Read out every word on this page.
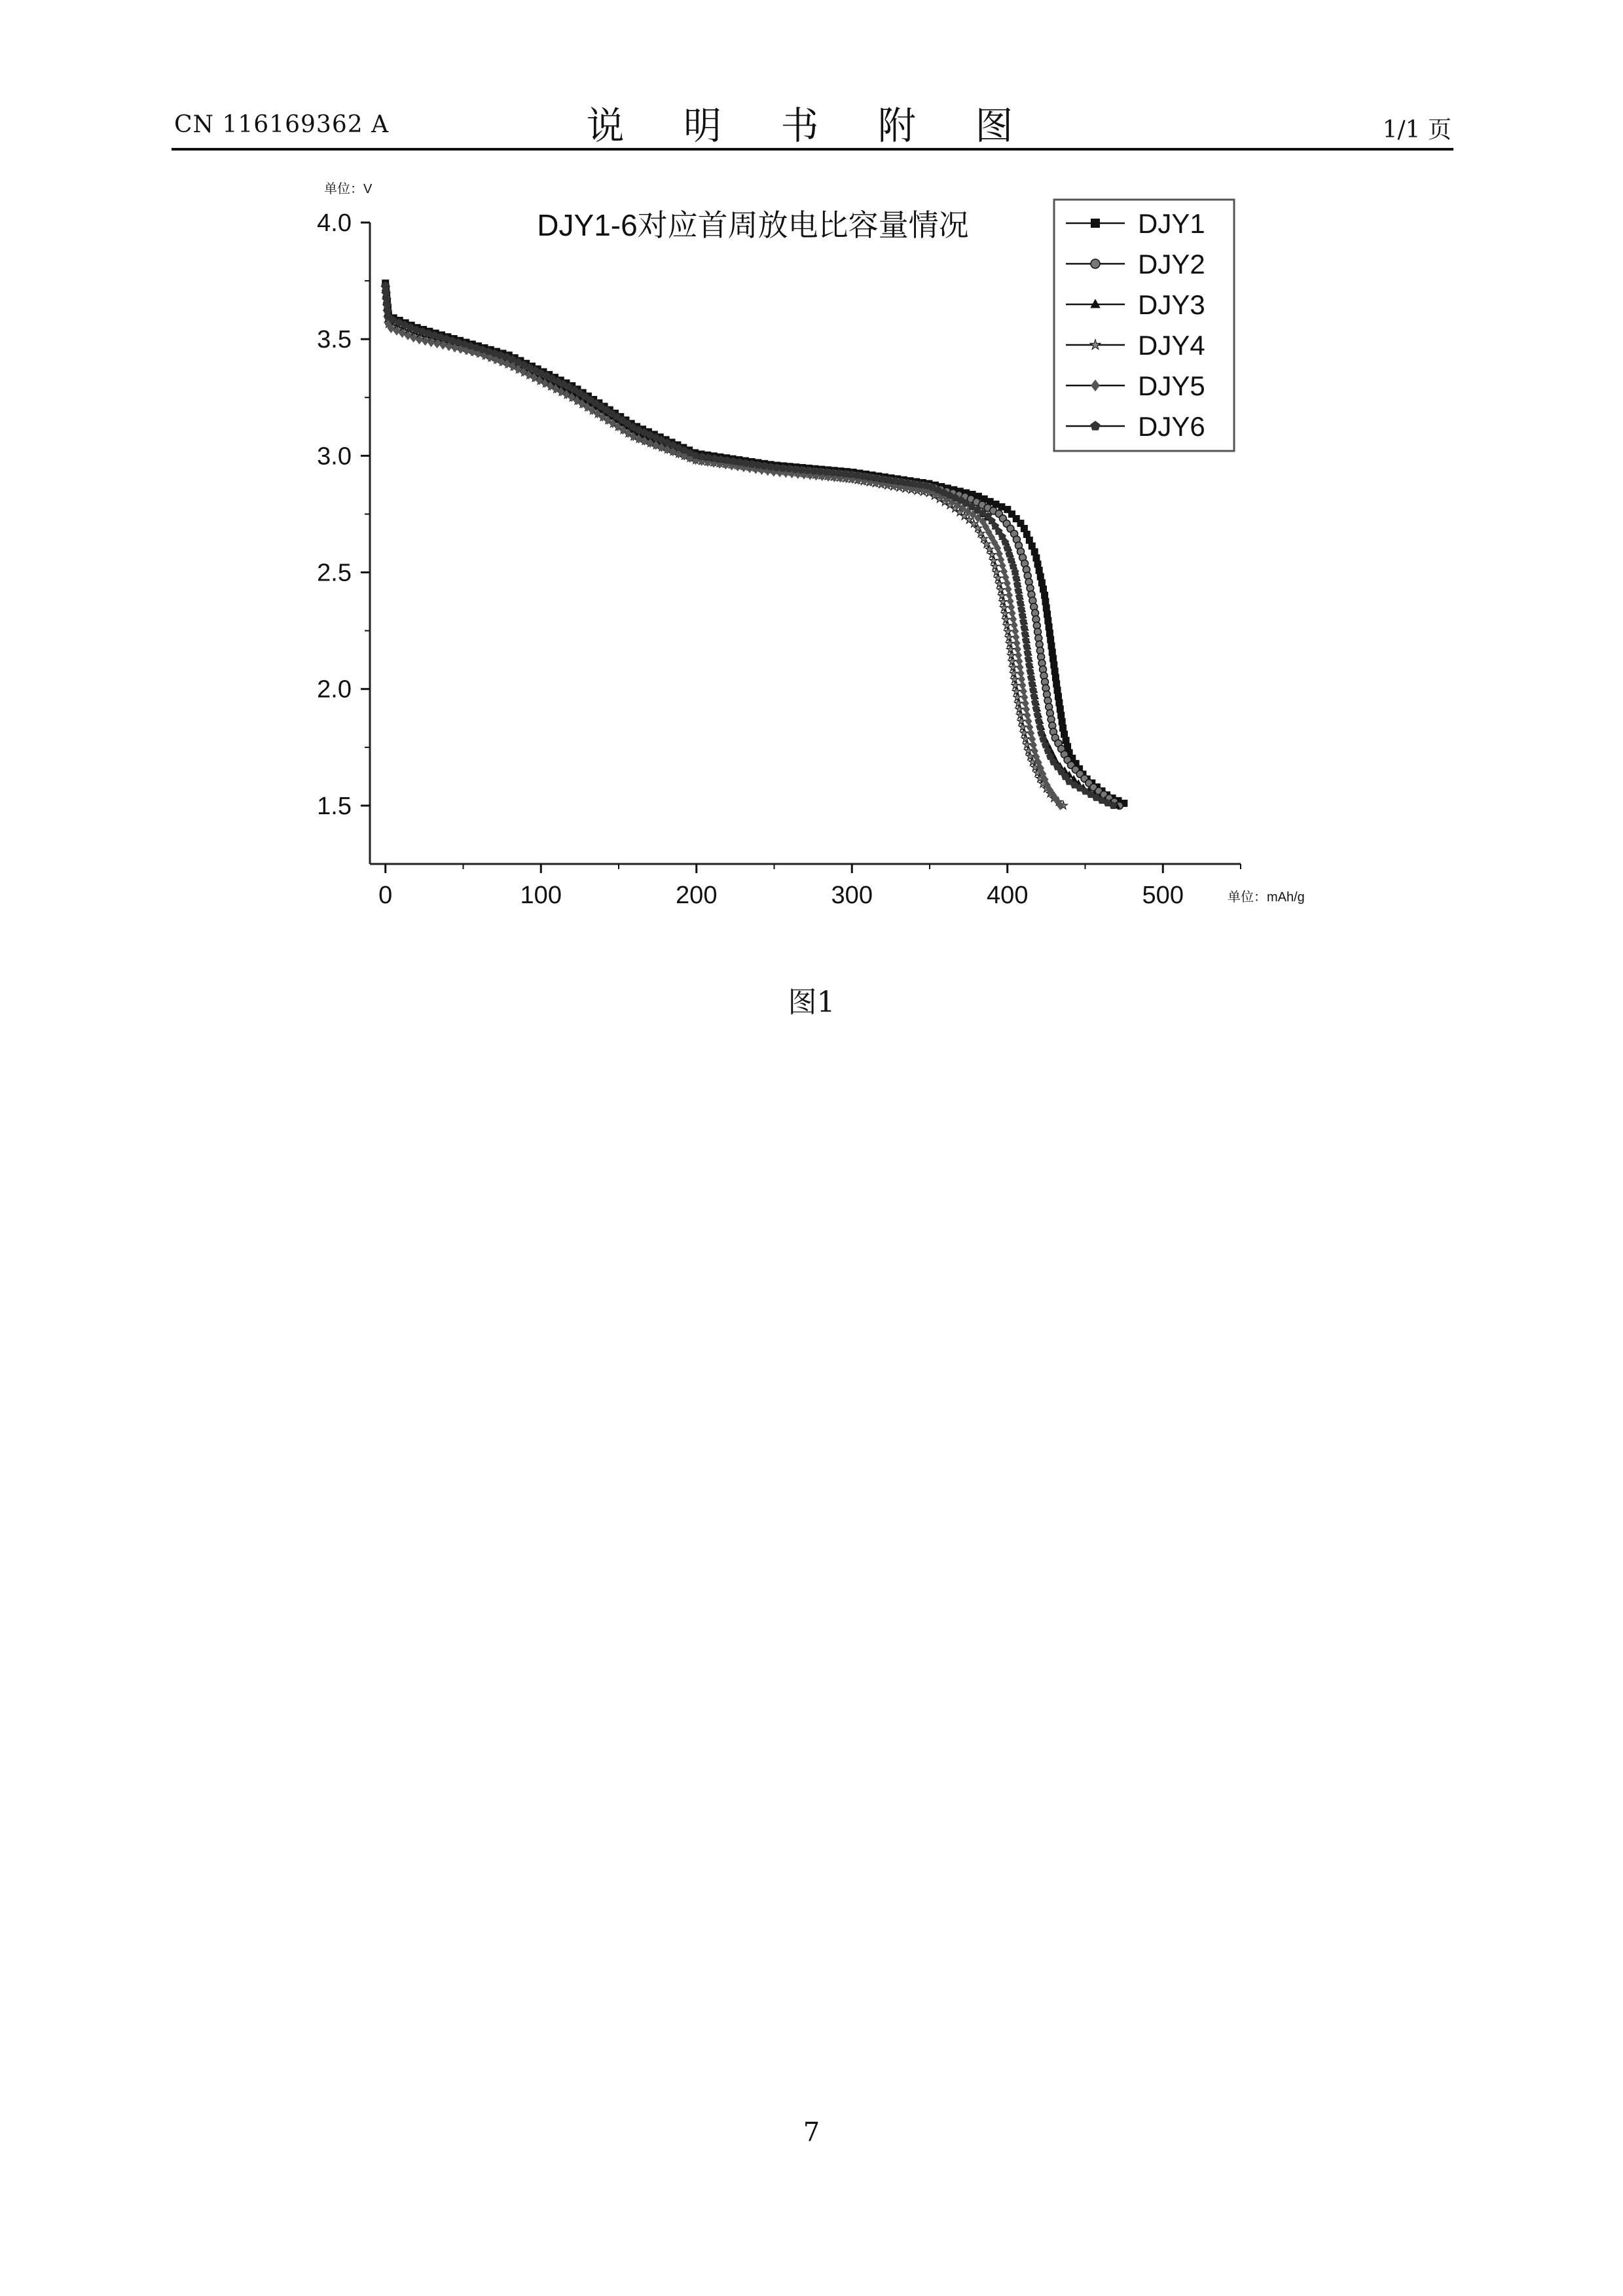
CN 116169362 A	说 明 书 附 图	1/1 页
1.5
2.0
2.5
3.0
3.5
4.0
0	100	200	300	400	500
DJY1
DJY2
DJY3
DJY4
DJY5
DJY6
DJY1-6对应首周放电比容量情况
单位：V
单位：mAh/g
图1
7
